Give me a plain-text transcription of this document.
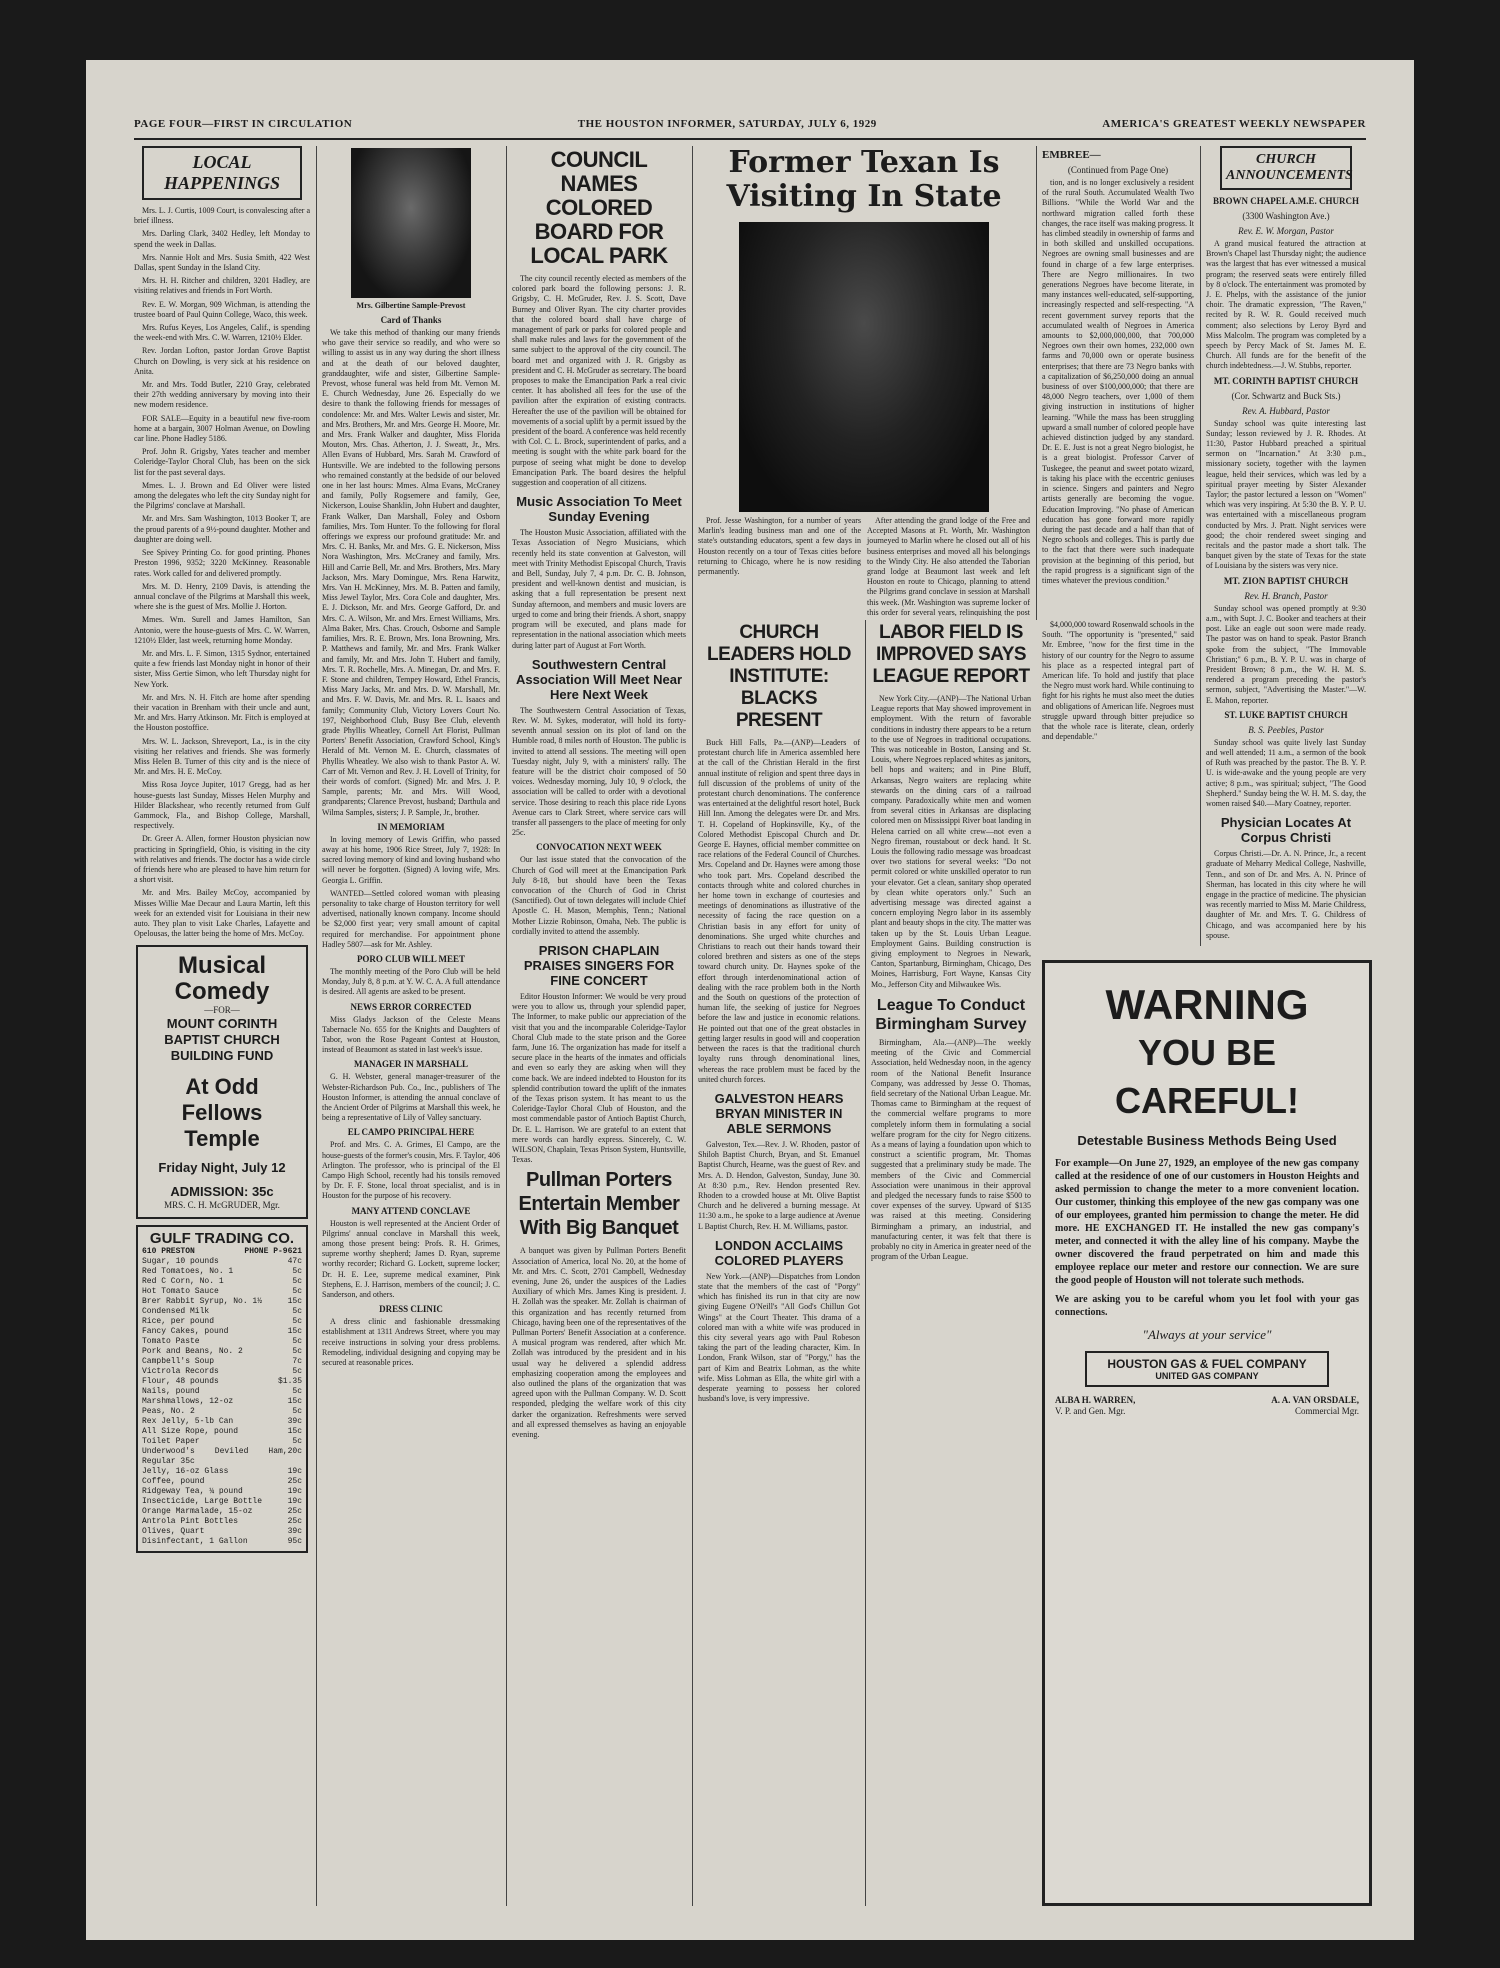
PAGE FOUR—FIRST IN CIRCULATION	THE HOUSTON INFORMER, SATURDAY, JULY 6, 1929	AMERICA'S GREATEST WEEKLY NEWSPAPER
LOCAL HAPPENINGS

Mrs. L. J. Curtis, 1009 Court, is convalescing after a brief illness.

Mrs. Darling Clark, 3402 Hedley, left Monday to spend the week in Dallas.

Mrs. Nannie Holt and Mrs. Susia Smith, 422 West Dallas, spent Sunday in the Island City.

Mrs. H. H. Ritcher and children, 3201 Hadley, are visiting relatives and friends in Fort Worth.

Rev. E. W. Morgan, 909 Wichman, is attending the trustee board of Paul Quinn College, Waco, this week.

Mrs. Rufus Keyes, Los Angeles, Calif., is spending the week-end with Mrs. C. W. Warren, 1210½ Elder.

Rev. Jordan Lofton, pastor Jordan Grove Baptist Church on Dowling, is very sick at his residence on Anita.

Mr. and Mrs. Todd Butler, 2210 Gray, celebrated their 27th wedding anniversary by moving into their new modern residence.

FOR SALE—Equity in a beautiful new five-room home at a bargain, 3007 Holman Avenue, on Dowling car line. Phone Hadley 5186.

Prof. John R. Grigsby, Yates teacher and member Coleridge-Taylor Choral Club, has been on the sick list for the past several days.

Mmes. L. J. Brown and Ed Oliver were listed among the delegates who left the city Sunday night for the Pilgrims' conclave at Marshall.

Mr. and Mrs. Sam Washington, 1013 Booker T, are the proud parents of a 9½-pound daughter. Mother and daughter are doing well.

See Spivey Printing Co. for good printing. Phones Preston 1996, 9352; 3220 McKinney. Reasonable rates. Work called for and delivered promptly.

Mrs. M. D. Henry, 2109 Davis, is attending the annual conclave of the Pilgrims at Marshall this week, where she is the guest of Mrs. Mollie J. Horton.

Mmes. Wm. Surell and James Hamilton, San Antonio, were the house-guests of Mrs. C. W. Warren, 1210½ Elder, last week, returning home Monday.

Mr. and Mrs. L. F. Simon, 1315 Sydnor, entertained quite a few friends last Monday night in honor of their sister, Miss Gertie Simon, who left Thursday night for New York.

Mr. and Mrs. N. H. Fitch are home after spending their vacation in Brenham with their uncle and aunt, Mr. and Mrs. Harry Atkinson. Mr. Fitch is employed at the Houston postoffice.

Mrs. W. L. Jackson, Shreveport, La., is in the city visiting her relatives and friends. She was formerly Miss Helen B. Turner of this city and is the niece of Mr. and Mrs. H. E. McCoy.

Miss Rosa Joyce Jupiter, 1017 Gregg, had as her house-guests last Sunday, Misses Helen Murphy and Hilder Blackshear, who recently returned from Gulf Gammock, Fla., and Bishop College, Marshall, respectively.

Dr. Greer A. Allen, former Houston physician now practicing in Springfield, Ohio, is visiting in the city with relatives and friends. The doctor has a wide circle of friends here who are pleased to have him return for a short visit.

Mr. and Mrs. Bailey McCoy, accompanied by Misses Willie Mae Decaur and Laura Martin, left this week for an extended visit for Louisiana in their new auto. They plan to visit Lake Charles, Lafayette and Opelousas, the latter being the home of Mrs. McCoy.

Musical Comedy
—FOR—
MOUNT CORINTH BAPTIST CHURCH BUILDING FUND
At Odd Fellows Temple
Friday Night, July 12
ADMISSION: 35c
MRS. C. H. McGRUDER, Mgr.
GULF TRADING CO.
610 PRESTON	PHONE P-9621
Sugar, 10 pounds	47c
Red Tomatoes, No. 1	5c
Red C Corn, No. 1	5c
Hot Tomato Sauce	5c
Brer Rabbit Syrup, No. 1½	15c
Condensed Milk	5c
Rice, per pound	5c
Fancy Cakes, pound	15c
Tomato Paste	5c
Pork and Beans, No. 2	5c
Campbell's Soup	7c
Victrola Records	5c
Flour, 48 pounds	$1.35
Nails, pound	5c
Marshmallows, 12-oz	15c
Peas, No. 2	5c
Rex Jelly, 5-lb Can	39c
All Size Rope, pound	15c
Toilet Paper	5c
Underwood's Deviled Ham, Regular 35c
20c
Jelly, 16-oz Glass	19c
Coffee, pound	25c
Ridgeway Tea, ¼ pound	19c
Insecticide, Large Bottle	19c
Orange Marmalade, 15-oz	25c
Antrola Pint Bottles	25c
Olives, Quart	39c
Disinfectant, 1 Gallon	95c
Mrs. Gilbertine Sample-Prevost
Card of Thanks

We take this method of thanking our many friends who gave their service so readily, and who were so willing to assist us in any way during the short illness and at the death of our beloved daughter, granddaughter, wife and sister, Gilbertine Sample-Prevost, whose funeral was held from Mt. Vernon M. E. Church Wednesday, June 26. Especially do we desire to thank the following friends for messages of condolence: Mr. and Mrs. Walter Lewis and sister, Mr. and Mrs. Brothers, Mr. and Mrs. George H. Moore, Mr. and Mrs. Frank Walker and daughter, Miss Florida Mouton, Mrs. Chas. Atherton, J. J. Sweatt, Jr., Mrs. Allen Evans of Hubbard, Mrs. Sarah M. Crawford of Huntsville. We are indebted to the following persons who remained constantly at the bedside of our beloved one in her last hours: Mmes. Alma Evans, McCraney and family, Polly Rogsemere and family, Gee, Nickerson, Louise Shanklin, John Hubert and daughter, Frank Walker, Dan Marshall, Foley and Osborn families, Mrs. Tom Hunter. To the following for floral offerings we express our profound gratitude: Mr. and Mrs. C. H. Banks, Mr. and Mrs. G. E. Nickerson, Miss Nora Washington, Mrs. McCraney and family, Mrs. Hill and Carrie Bell, Mr. and Mrs. Brothers, Mrs. Mary Jackson, Mrs. Mary Domingue, Mrs. Rena Harwitz, Mrs. Van H. McKinney, Mrs. M. B. Patten and family, Miss Jewel Taylor, Mrs. Cora Cole and daughter, Mrs. E. J. Dickson, Mr. and Mrs. George Gafford, Dr. and Mrs. C. A. Wilson, Mr. and Mrs. Ernest Williams, Mrs. Alma Baker, Mrs. Chas. Crouch, Osborne and Sample families, Mrs. R. E. Brown, Mrs. Iona Browning, Mrs. P. Matthews and family, Mr. and Mrs. Frank Walker and family, Mr. and Mrs. John T. Hubert and family, Mrs. T. R. Rochelle, Mrs. A. Minegan, Dr. and Mrs. F. F. Stone and children, Tempey Howard, Ethel Francis, Miss Mary Jacks, Mr. and Mrs. D. W. Marshall, Mr. and Mrs. F. W. Davis, Mr. and Mrs. R. L. Isaacs and family; Community Club, Victory Lovers Court No. 197, Neighborhood Club, Busy Bee Club, eleventh grade Phyllis Wheatley, Cornell Art Florist, Pullman Porters' Benefit Association, Crawford School, King's Herald of Mt. Vernon M. E. Church, classmates of Phyllis Wheatley. We also wish to thank Pastor A. W. Carr of Mt. Vernon and Rev. J. H. Lovell of Trinity, for their words of comfort. (Signed) Mr. and Mrs. J. P. Sample, parents; Mr. and Mrs. Will Wood, grandparents; Clarence Prevost, husband; Darthula and Wilma Samples, sisters; J. P. Sample, Jr., brother.

IN MEMORIAM

In loving memory of Lewis Griffin, who passed away at his home, 1906 Rice Street, July 7, 1928: In sacred loving memory of kind and loving husband who will never be forgotten. (Signed) A loving wife, Mrs. Georgia L. Griffin.

WANTED—Settled colored woman with pleasing personality to take charge of Houston territory for well advertised, nationally known company. Income should be $2,000 first year; very small amount of capital required for merchandise. For appointment phone Hadley 5807—ask for Mr. Ashley.

PORO CLUB WILL MEET

The monthly meeting of the Poro Club will be held Monday, July 8, 8 p.m. at Y. W. C. A. A full attendance is desired. All agents are asked to be present.

NEWS ERROR CORRECTED

Miss Gladys Jackson of the Celeste Means Tabernacle No. 655 for the Knights and Daughters of Tabor, won the Rose Pageant Contest at Houston, instead of Beaumont as stated in last week's issue.

MANAGER IN MARSHALL

G. H. Webster, general manager-treasurer of the Webster-Richardson Pub. Co., Inc., publishers of The Houston Informer, is attending the annual conclave of the Ancient Order of Pilgrims at Marshall this week, he being a representative of Lily of Valley sanctuary.

EL CAMPO PRINCIPAL HERE

Prof. and Mrs. C. A. Grimes, El Campo, are the house-guests of the former's cousin, Mrs. F. Taylor, 406 Arlington. The professor, who is principal of the El Campo High School, recently had his tonsils removed by Dr. F. F. Stone, local throat specialist, and is in Houston for the purpose of his recovery.

MANY ATTEND CONCLAVE

Houston is well represented at the Ancient Order of Pilgrims' annual conclave in Marshall this week, among those present being: Profs. R. H. Grimes, supreme worthy shepherd; James D. Ryan, supreme worthy recorder; Richard G. Lockett, supreme locker; Dr. H. E. Lee, supreme medical examiner, Pink Stephens, E. J. Harrison, members of the council; J. C. Sanderson, and others.

DRESS CLINIC

A dress clinic and fashionable dressmaking establishment at 1311 Andrews Street, where you may receive instructions in solving your dress problems. Remodeling, individual designing and copying may be secured at reasonable prices.

COUNCIL NAMES COLORED BOARD FOR LOCAL PARK

The city council recently elected as members of the colored park board the following persons: J. R. Grigsby, C. H. McGruder, Rev. J. S. Scott, Dave Burney and Oliver Ryan. The city charter provides that the colored board shall have charge of management of park or parks for colored people and shall make rules and laws for the government of the same subject to the approval of the city council. The board met and organized with J. R. Grigsby as president and C. H. McGruder as secretary. The board proposes to make the Emancipation Park a real civic center. It has abolished all fees for the use of the pavilion after the expiration of existing contracts. Hereafter the use of the pavilion will be obtained for movements of a social uplift by a permit issued by the president of the board. A conference was held recently with Col. C. L. Brock, superintendent of parks, and a meeting is sought with the white park board for the purpose of seeing what might be done to develop Emancipation Park. The board desires the helpful suggestion and cooperation of all citizens.

Music Association To Meet Sunday Evening

The Houston Music Association, affiliated with the Texas Association of Negro Musicians, which recently held its state convention at Galveston, will meet with Trinity Methodist Episcopal Church, Travis and Bell, Sunday, July 7, 4 p.m. Dr. C. B. Johnson, president and well-known dentist and musician, is asking that a full representation be present next Sunday afternoon, and members and music lovers are urged to come and bring their friends. A short, snappy program will be executed, and plans made for representation in the national association which meets during latter part of August at Fort Worth.

Southwestern Central Association Will Meet Near Here Next Week

The Southwestern Central Association of Texas, Rev. W. M. Sykes, moderator, will hold its forty-seventh annual session on its plot of land on the Humble road, 8 miles north of Houston. The public is invited to attend all sessions. The meeting will open Tuesday night, July 9, with a ministers' rally. The feature will be the district choir composed of 50 voices. Wednesday morning, July 10, 9 o'clock, the association will be called to order with a devotional service. Those desiring to reach this place ride Lyons Avenue cars to Clark Street, where service cars will transfer all passengers to the place of meeting for only 25c.

CONVOCATION NEXT WEEK

Our last issue stated that the convocation of the Church of God will meet at the Emancipation Park July 8-18, but should have been the Texas convocation of the Church of God in Christ (Sanctified). Out of town delegates will include Chief Apostle C. H. Mason, Memphis, Tenn.; National Mother Lizzie Robinson, Omaha, Neb. The public is cordially invited to attend the assembly.

PRISON CHAPLAIN PRAISES SINGERS FOR FINE CONCERT

Editor Houston Informer: We would be very proud were you to allow us, through your splendid paper, The Informer, to make public our appreciation of the visit that you and the incomparable Coleridge-Taylor Choral Club made to the state prison and the Goree farm, June 16. The organization has made for itself a secure place in the hearts of the inmates and officials and even so early they are asking when will they come back. We are indeed indebted to Houston for its splendid contribution toward the uplift of the inmates of the Texas prison system. It has meant to us the Coleridge-Taylor Choral Club of Houston, and the most commendable pastor of Antioch Baptist Church, Dr. E. L. Harrison. We are grateful to an extent that mere words can hardly express. Sincerely, C. W. WILSON, Chaplain, Texas Prison System, Huntsville, Texas.

Pullman Porters Entertain Member With Big Banquet

A banquet was given by Pullman Porters Benefit Association of America, local No. 20, at the home of Mr. and Mrs. C. Scott, 2701 Campbell, Wednesday evening, June 26, under the auspices of the Ladies Auxiliary of which Mrs. James King is president. J. H. Zollah was the speaker. Mr. Zollah is chairman of this organization and has recently returned from Chicago, having been one of the representatives of the Pullman Porters' Benefit Association at a conference. A musical program was rendered, after which Mr. Zollah was introduced by the president and in his usual way he delivered a splendid address emphasizing cooperation among the employees and also outlined the plans of the organization that was agreed upon with the Pullman Company. W. D. Scott responded, pledging the welfare work of this city darker the organization. Refreshments were served and all expressed themselves as having an enjoyable evening.

Former Texan Is Visiting In State

Prof. Jesse Washington, for a number of years Marlin's leading business man and one of the state's outstanding educators, spent a few days in Houston recently on a tour of Texas cities before returning to Chicago, where he is now residing permanently.

After attending the grand lodge of the Free and Accepted Masons at Ft. Worth, Mr. Washington journeyed to Marlin where he closed out all of his business enterprises and moved all his belongings to the Windy City. He also attended the Taborian grand lodge at Beaumont last week and left Houston en route to Chicago, planning to attend the Pilgrims grand conclave in session at Marshall this week. (Mr. Washington was supreme locker of this order for several years, relinquishing the post

CHURCH LEADERS HOLD INSTITUTE: BLACKS PRESENT

Buck Hill Falls, Pa.—(ANP)—Leaders of protestant church life in America assembled here at the call of the Christian Herald in the first annual institute of religion and spent three days in full discussion of the problems of unity of the protestant church denominations. The conference was entertained at the delightful resort hotel, Buck Hill Inn. Among the delegates were Dr. and Mrs. T. H. Copeland of Hopkinsville, Ky., of the Colored Methodist Episcopal Church and Dr. George E. Haynes, official member committee on race relations of the Federal Council of Churches. Mrs. Copeland and Dr. Haynes were among those who took part. Mrs. Copeland described the contacts through white and colored churches in her home town in exchange of courtesies and meetings of denominations as illustrative of the necessity of facing the race question on a Christian basis in any effort for unity of denominations. She urged white churches and Christians to reach out their hands toward their colored brethren and sisters as one of the steps toward church unity. Dr. Haynes spoke of the effort through interdenominational action of dealing with the race problem both in the North and the South on questions of the protection of human life, the seeking of justice for Negroes before the law and justice in economic relations. He pointed out that one of the great obstacles in getting larger results in good will and cooperation between the races is that the traditional church loyalty runs through denominational lines, whereas the race problem must be faced by the united church forces.

GALVESTON HEARS BRYAN MINISTER IN ABLE SERMONS

Galveston, Tex.—Rev. J. W. Rhoden, pastor of Shiloh Baptist Church, Bryan, and St. Emanuel Baptist Church, Hearne, was the guest of Rev. and Mrs. A. D. Hendon, Galveston, Sunday, June 30. At 8:30 p.m., Rev. Hendon presented Rev. Rhoden to a crowded house at Mt. Olive Baptist Church and he delivered a burning message. At 11:30 a.m., he spoke to a large audience at Avenue L Baptist Church, Rev. H. M. Williams, pastor.

LONDON ACCLAIMS COLORED PLAYERS

New York.—(ANP)—Dispatches from London state that the members of the cast of "Porgy" which has finished its run in that city are now giving Eugene O'Neill's "All God's Chillun Got Wings" at the Court Theater. This drama of a colored man with a white wife was produced in this city several years ago with Paul Robeson taking the part of the leading character, Kim. In London, Frank Wilson, star of "Porgy," has the part of Kim and Beatrix Lohman, as the white wife. Miss Lohman as Ella, the white girl with a desperate yearning to possess her colored husband's love, is very impressive.

LABOR FIELD IS IMPROVED SAYS LEAGUE REPORT

New York City.—(ANP)—The National Urban League reports that May showed improvement in employment. With the return of favorable conditions in industry there appears to be a return to the use of Negroes in traditional occupations. This was noticeable in Boston, Lansing and St. Louis, where Negroes replaced whites as janitors, bell hops and waiters; and in Pine Bluff, Arkansas, Negro waiters are replacing white stewards on the dining cars of a railroad company. Paradoxically white men and women from several cities in Arkansas are displacing colored men on Mississippi River boat landing in Helena carried on all white crew—not even a Negro fireman, roustabout or deck hand. It St. Louis the following radio message was broadcast over two stations for several weeks: "Do not permit colored or white unskilled operator to run your elevator. Get a clean, sanitary shop operated by clean white operators only." Such an advertising message was directed against a concern employing Negro labor in its assembly plant and beauty shops in the city. The matter was taken up by the St. Louis Urban League. Employment Gains. Building construction is giving employment to Negroes in Newark, Canton, Spartanburg, Birmingham, Chicago, Des Moines, Harrisburg, Fort Wayne, Kansas City Mo., Jefferson City and Milwaukee Wis.

League To Conduct Birmingham Survey

Birmingham, Ala.—(ANP)—The weekly meeting of the Civic and Commercial Association, held Wednesday noon, in the agency room of the National Benefit Insurance Company, was addressed by Jesse O. Thomas, field secretary of the National Urban League. Mr. Thomas came to Birmingham at the request of the commercial welfare programs to more completely inform them in formulating a social welfare program for the city for Negro citizens. As a means of laying a foundation upon which to construct a scientific program, Mr. Thomas suggested that a preliminary study be made. The members of the Civic and Commercial Association were unanimous in their approval and pledged the necessary funds to raise $500 to cover expenses of the survey. Upward of $135 was raised at this meeting. Considering Birmingham a primary, an industrial, and manufacturing center, it was felt that there is probably no city in America in greater need of the program of the Urban League.

EMBREE—
(Continued from Page One)

tion, and is no longer exclusively a resident of the rural South. Accumulated Wealth Two Billions. "While the World War and the northward migration called forth these changes, the race itself was making progress. It has climbed steadily in ownership of farms and in both skilled and unskilled occupations. Negroes are owning small businesses and are found in charge of a few large enterprises. There are Negro millionaires. In two generations Negroes have become literate, in many instances well-educated, self-supporting, increasingly respected and self-respecting. "A recent government survey reports that the accumulated wealth of Negroes in America amounts to $2,000,000,000, that 700,000 Negroes own their own homes, 232,000 own farms and 70,000 own or operate business enterprises; that there are 73 Negro banks with a capitalization of $6,250,000 doing an annual business of over $100,000,000; that there are 48,000 Negro teachers, over 1,000 of them giving instruction in institutions of higher learning. "While the mass has been struggling upward a small number of colored people have achieved distinction judged by any standard. Dr. E. E. Just is not a great Negro biologist, he is a great biologist. Professor Carver of Tuskegee, the peanut and sweet potato wizard, is taking his place with the eccentric geniuses in science. Singers and painters and Negro artists generally are becoming the vogue. Education Improving. "No phase of American education has gone forward more rapidly during the past decade and a half than that of Negro schools and colleges. This is partly due to the fact that there were such inadequate provision at the beginning of this period, but the rapid progress is a significant sign of the times whatever the previous condition."

CHURCH ANNOUNCEMENTS
BROWN CHAPEL A.M.E. CHURCH
(3300 Washington Ave.)
Rev. E. W. Morgan, Pastor

A grand musical featured the attraction at Brown's Chapel last Thursday night; the audience was the largest that has ever witnessed a musical program; the reserved seats were entirely filled by 8 o'clock. The entertainment was promoted by J. E. Phelps, with the assistance of the junior choir. The dramatic expression, "The Raven," recited by R. W. R. Gould received much comment; also selections by Leroy Byrd and Miss Malcolm. The program was completed by a speech by Percy Mack of St. James M. E. Church. All funds are for the benefit of the church indebtedness.—J. W. Stubbs, reporter.

MT. CORINTH BAPTIST CHURCH
(Cor. Schwartz and Buck Sts.)
Rev. A. Hubbard, Pastor

Sunday school was quite interesting last Sunday; lesson reviewed by J. R. Rhodes. At 11:30, Pastor Hubbard preached a spiritual sermon on "Incarnation." At 3:30 p.m., missionary society, together with the laymen league, held their services, which was led by a spiritual prayer meeting by Sister Alexander Taylor; the pastor lectured a lesson on "Women" which was very inspiring. At 5:30 the B. Y. P. U. was entertained with a miscellaneous program conducted by Mrs. J. Pratt. Night services were good; the choir rendered sweet singing and recitals and the pastor made a short talk. The banquet given by the state of Texas for the state of Louisiana by the sisters was very nice.

MT. ZION BAPTIST CHURCH
Rev. H. Branch, Pastor

Sunday school was opened promptly at 9:30 a.m., with Supt. J. C. Booker and teachers at their post. Like an eagle out soon were made ready. The pastor was on hand to speak. Pastor Branch spoke from the subject, "The Immovable Christian;" 6 p.m., B. Y. P. U. was in charge of President Brown; 8 p.m., the W. H. M. S. rendered a program preceding the pastor's sermon, subject, "Advertising the Master."—W. E. Mahon, reporter.

ST. LUKE BAPTIST CHURCH
B. S. Peebles, Pastor

Sunday school was quite lively last Sunday and well attended; 11 a.m., a sermon of the book of Ruth was preached by the pastor. The B. Y. P. U. is wide-awake and the young people are very active; 8 p.m., was spiritual; subject, "The Good Shepherd." Sunday being the W. H. M. S. day, the women raised $40.—Mary Coatney, reporter.

Physician Locates At Corpus Christi

Corpus Christi.—Dr. A. N. Prince, Jr., a recent graduate of Meharry Medical College, Nashville, Tenn., and son of Dr. and Mrs. A. N. Prince of Sherman, has located in this city where he will engage in the practice of medicine. The physician was recently married to Miss M. Marie Childress, daughter of Mr. and Mrs. T. G. Childress of Chicago, and was accompanied here by his spouse.

$4,000,000 toward Rosenwald schools in the South. "The opportunity is "presented," said Mr. Embree, "now for the first time in the history of our country for the Negro to assume his place as a respected integral part of American life. To hold and justify that place the Negro must work hard. While continuing to fight for his rights he must also meet the duties and obligations of American life. Negroes must struggle upward through bitter prejudice so that the whole race is literate, clean, orderly and dependable."

WARNING
YOU BE CAREFUL!
Detestable Business Methods Being Used
For example—On June 27, 1929, an employee of the new gas company called at the residence of one of our customers in Houston Heights and asked permission to change the meter to a more convenient location. Our customer, thinking this employee of the new gas company was one of our employees, granted him permission to change the meter. He did more. HE EXCHANGED IT. He installed the new gas company's meter, and connected it with the alley line of his company. Maybe the owner discovered the fraud perpetrated on him and made this employee replace our meter and restore our connection. We are sure the good people of Houston will not tolerate such methods.
We are asking you to be careful whom you let fool with your gas connections.
"Always at your service"
HOUSTON GAS & FUEL COMPANY
UNITED GAS COMPANY
ALBA H. WARREN,
V. P. and Gen. Mgr.
A. A. VAN ORSDALE,
Commercial Mgr.
